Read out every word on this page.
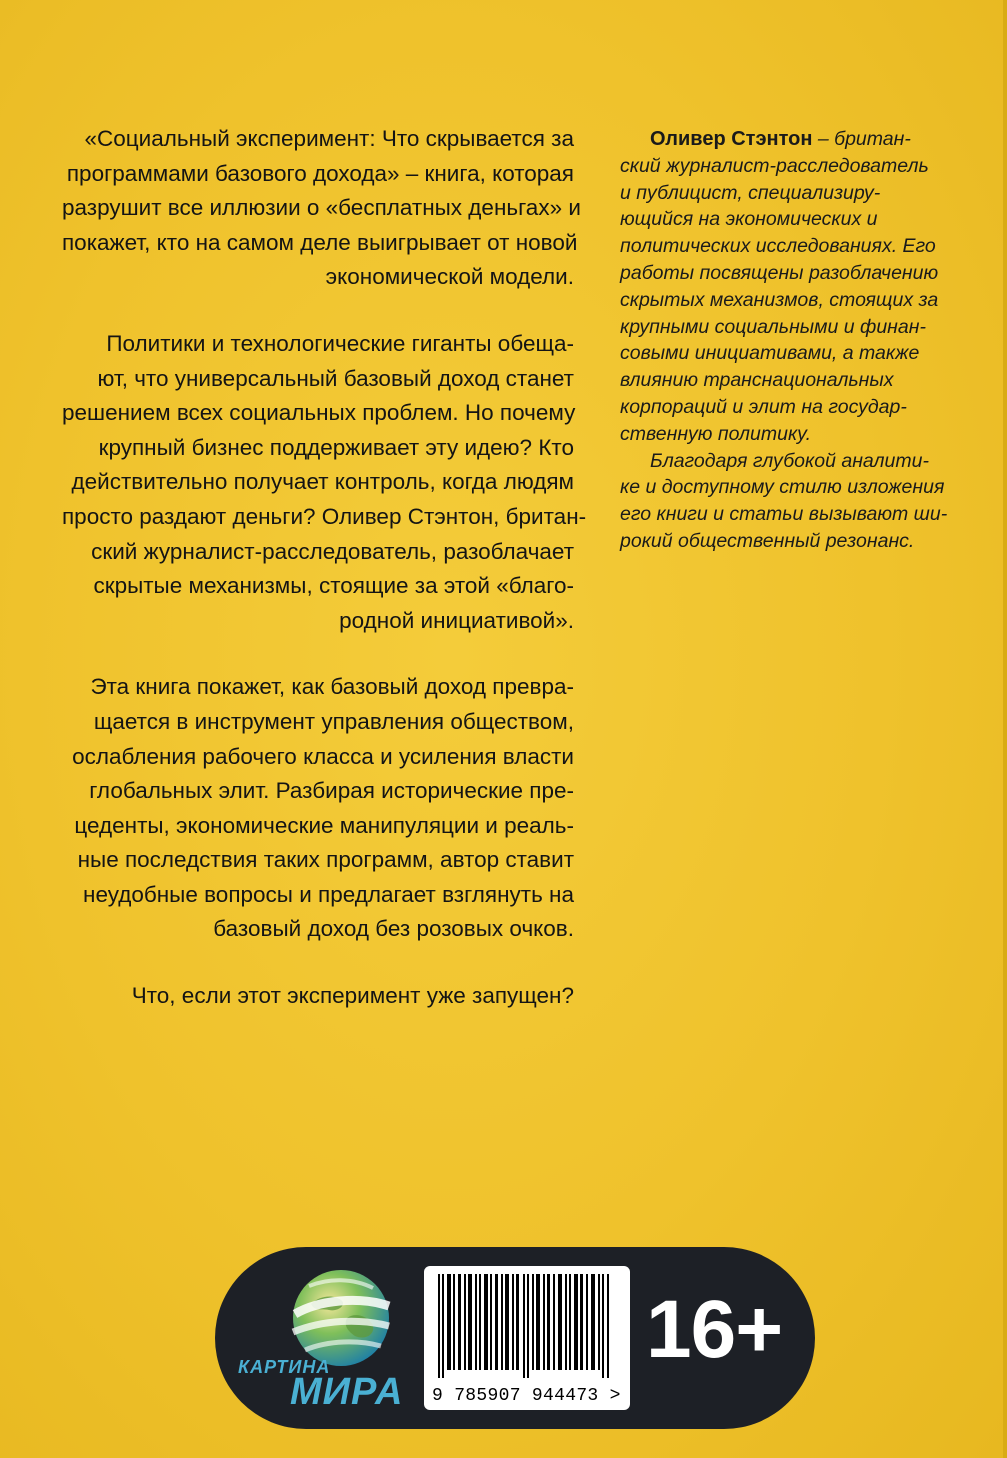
«Социальный эксперимент: Что скрывается за
программами базового дохода» – книга, которая
разрушит все иллюзии о «бесплатных деньгах» и
покажет, кто на самом деле выигрывает от новой
экономической модели.
Политики и технологические гиганты обеща-
ют, что универсальный базовый доход станет
решением всех социальных проблем. Но почему
крупный бизнес поддерживает эту идею? Кто
действительно получает контроль, когда людям
просто раздают деньги? Оливер Стэнтон, британ-
ский журналист-расследователь, разоблачает
скрытые механизмы, стоящие за этой «благо-
родной инициативой».
Эта книга покажет, как базовый доход превра-
щается в инструмент управления обществом,
ослабления рабочего класса и усиления власти
глобальных элит. Разбирая исторические пре-
цеденты, экономические манипуляции и реаль-
ные последствия таких программ, автор ставит
неудобные вопросы и предлагает взглянуть на
базовый доход без розовых очков.
Что, если этот эксперимент уже запущен?
Оливер Стэнтон – британ-
ский журналист-расследователь
и публицист, специализиру-
ющийся на экономических и
политических исследованиях. Его
работы посвящены разоблачению
скрытых механизмов, стоящих за
крупными социальными и финан-
совыми инициативами, а также
влиянию транснациональных
корпораций и элит на государ-
ственную политику.
Благодаря глубокой аналити-
ке и доступному стилю изложения
его книги и статьи вызывают ши-
рокий общественный резонанс.
КАРТИНА
МИРА 9 785907 944473 >
16+
